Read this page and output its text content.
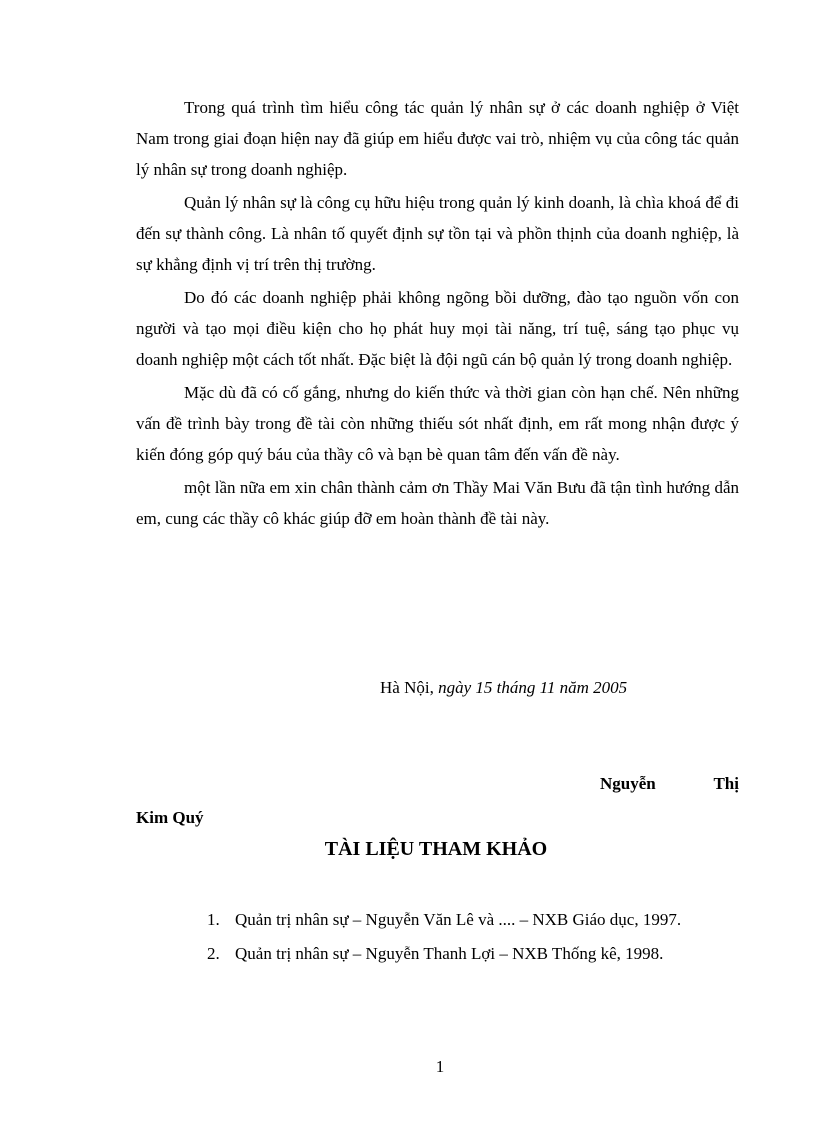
Trong quá trình tìm hiểu công tác quản lý nhân sự ở các doanh nghiệp ở Việt Nam trong giai đoạn hiện nay đã giúp em hiểu được vai trò, nhiệm vụ của công tác quản lý nhân sự trong doanh nghiệp.

Quản lý nhân sự là công cụ hữu hiệu trong quản lý kinh doanh, là chìa khoá để đi đến sự thành công. Là nhân tố quyết định sự tồn tại và phồn thịnh của doanh nghiệp, là sự khẳng định vị trí trên thị trường.

Do đó các doanh nghiệp phải không ngõng bồi dưỡng, đào tạo nguồn vốn con người và tạo mọi điều kiện cho họ phát huy mọi tài năng, trí tuệ, sáng tạo phục vụ doanh nghiệp một cách tốt nhất. Đặc biệt là đội ngũ cán bộ quản lý trong doanh nghiệp.

Mặc dù đã có cố gắng, nhưng do kiến thức và thời gian còn hạn chế. Nên những vấn đề trình bày trong đề tài còn những thiếu sót nhất định, em rất mong nhận được ý kiến đóng góp quý báu của thầy cô và bạn bè quan tâm đến vấn đề này.

một lần nữa em xin chân thành cảm ơn Thầy Mai Văn Bưu đã tận tình hướng dẫn em, cung các thầy cô khác giúp đỡ em hoàn thành đề tài này.

Hà Nội, ngày 15 tháng 11 năm 2005
Nguyễn Thị
Kim Quý
TÀI LIỆU THAM KHẢO
1. Quản trị nhân sự – Nguyễn Văn Lê và .... – NXB Giáo dục, 1997.
2. Quản trị nhân sự – Nguyễn Thanh Lợi – NXB Thống kê, 1998.
1
